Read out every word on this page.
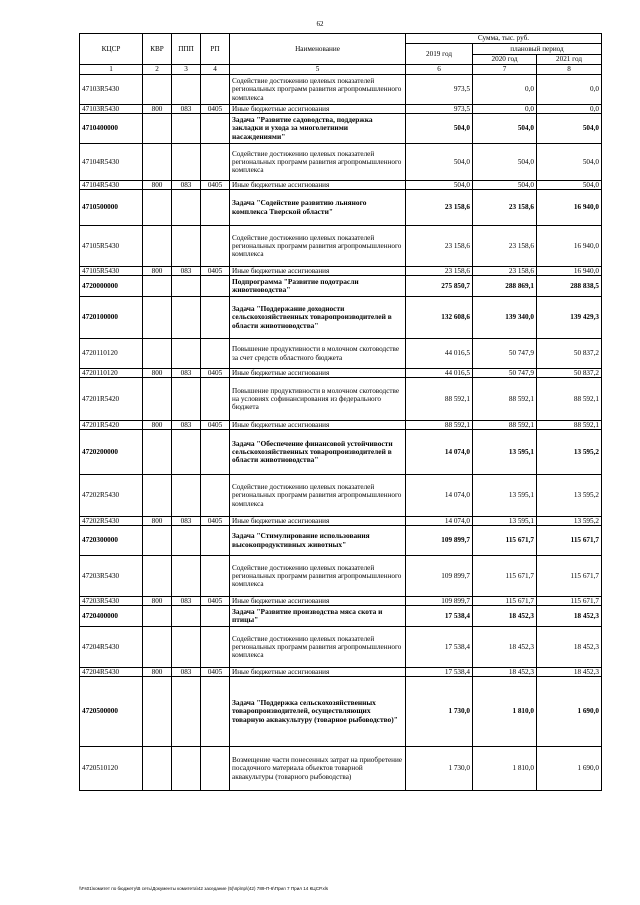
62
КЦСР	КВР	ППП	РП	Наименование	Сумма, тыс. руб.		
					2019 год	плановый период	
						2020 год	2021 год
1	2	3	4	5	6	7	8
47103R5430				Содействие достижению целевых показателей региональных программ развития агропромышленного комплекса	973,5	0,0	0,0
47103R5430	800	083	0405	Иные бюджетные ассигнования	973,5	0,0	0,0
4710400000				Задача "Развитие садоводства, поддержка закладки и ухода за многолетними насаждениями"	504,0	504,0	504,0
47104R5430				Содействие достижению целевых показателей региональных программ развития агропромышленного комплекса	504,0	504,0	504,0
47104R5430	800	083	0405	Иные бюджетные ассигнования	504,0	504,0	504,0
4710500000				Задача "Содействие развитию льняного комплекса Тверской области"	23 158,6	23 158,6	16 940,0
47105R5430				Содействие достижению целевых показателей региональных программ развития агропромышленного комплекса	23 158,6	23 158,6	16 940,0
47105R5430	800	083	0405	Иные бюджетные ассигнования	23 158,6	23 158,6	16 940,0
4720000000				Подпрограмма "Развитие подотрасли животноводства"	275 850,7	288 869,1	288 838,5
4720100000				Задача "Поддержание доходности сельскохозяйственных товаропроизводителей в области животноводства"	132 608,6	139 340,0	139 429,3
4720110120				Повышение продуктивности в молочном скотоводстве за счет средств областного бюджета	44 016,5	50 747,9	50 837,2
4720110120	800	083	0405	Иные бюджетные ассигнования	44 016,5	50 747,9	50 837,2
47201R5420				Повышение продуктивности в молочном скотоводстве на условиях софинансирования из федерального бюджета	88 592,1	88 592,1	88 592,1
47201R5420	800	083	0405	Иные бюджетные ассигнования	88 592,1	88 592,1	88 592,1
4720200000				Задача "Обеспечение финансовой устойчивости сельскохозяйственных товаропроизводителей в области животноводства"	14 074,0	13 595,1	13 595,2
47202R5430				Содействие достижению целевых показателей региональных программ развития агропромышленного комплекса	14 074,0	13 595,1	13 595,2
47202R5430	800	083	0405	Иные бюджетные ассигнования	14 074,0	13 595,1	13 595,2
4720300000				Задача "Стимулирование использования высокопродуктивных животных"	109 899,7	115 671,7	115 671,7
47203R5430				Содействие достижению целевых показателей региональных программ развития агропромышленного комплекса	109 899,7	115 671,7	115 671,7
47203R5430	800	083	0405	Иные бюджетные ассигнования	109 899,7	115 671,7	115 671,7
4720400000				Задача "Развитие производства мяса скота и птицы"	17 538,4	18 452,3	18 452,3
47204R5430				Содействие достижению целевых показателей региональных программ развития агропромышленного комплекса	17 538,4	18 452,3	18 452,3
47204R5430	800	083	0405	Иные бюджетные ассигнования	17 538,4	18 452,3	18 452,3
4720500000				Задача "Поддержка сельскохозяйственных товаропроизводителей, осуществляющих товарную аквакультуру (товарное рыбоводство)"	1 730,0	1 810,0	1 690,0
4720510120				Возмещение части понесенных затрат на приобретение посадочного материала объектов товарной аквакультуры (товарного рыбоводства)	1 730,0	1 810,0	1 690,0
\\Fs01\комитет по бюджету\В сеть\Документы комитета\42 заседание (5)\пр\пр\(42) 789-П-6\Прил 7 Прил 14 КЦСР.xls
